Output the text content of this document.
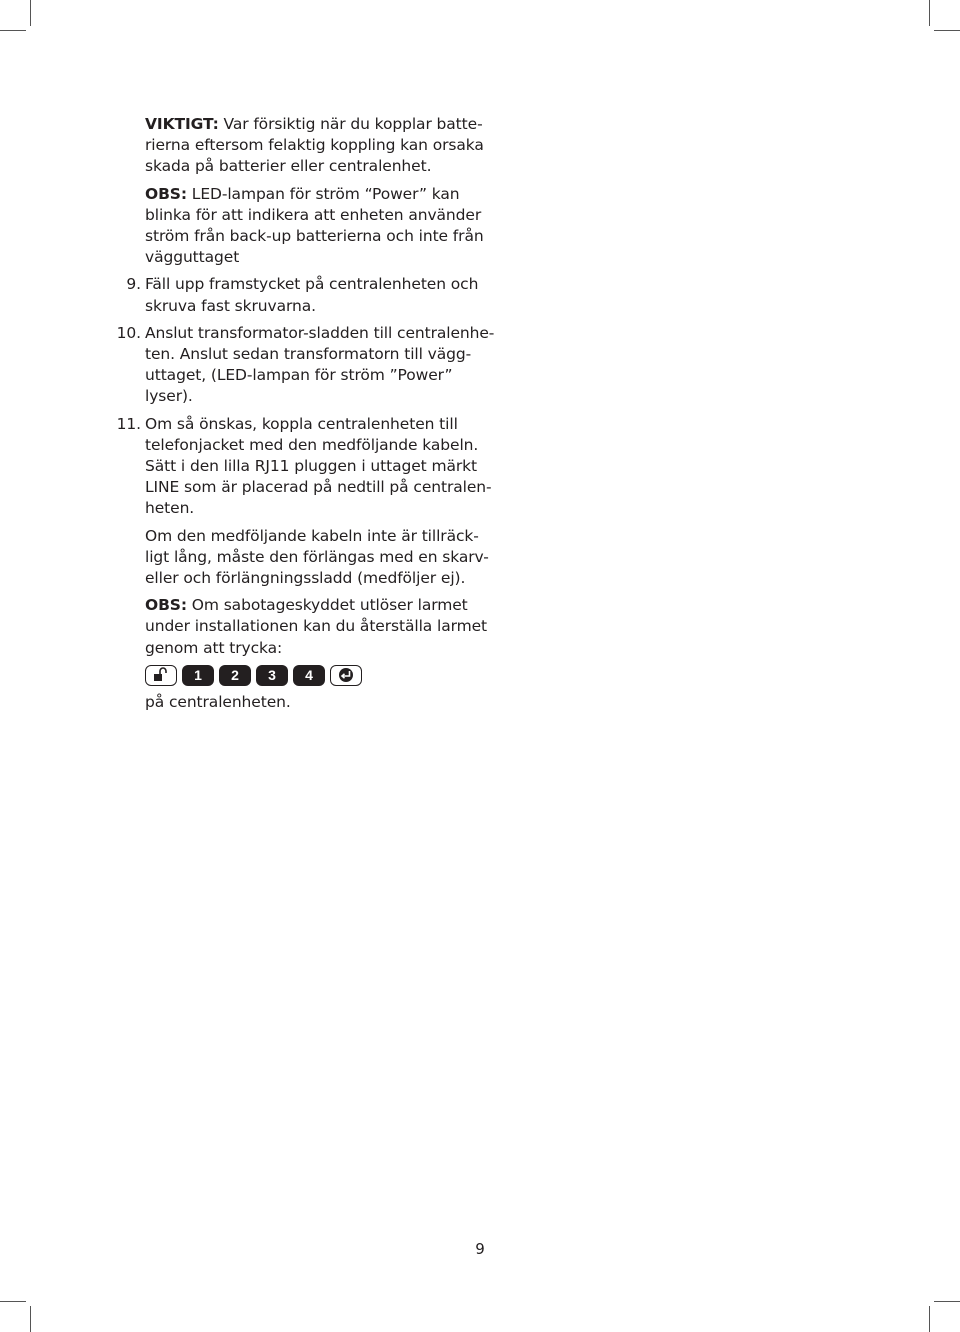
VIKTIGT: Var försiktig när du kopplar batte-
rierna eftersom felaktig koppling kan orsaka
skada på batterier eller centralenhet.
OBS: LED-lampan för ström “Power” kan
blinka för att indikera att enheten använder
ström från back-up batterierna och inte från
vägguttaget
9. Fäll upp framstycket på centralenheten och
skruva fast skruvarna.
10. Anslut transformator-sladden till centralenhe-
ten. Anslut sedan transformatorn till vägg-
uttaget, (LED-lampan för ström ”Power”
lyser).
11. Om så önskas, koppla centralenheten till
telefonjacket med den medföljande kabeln.
Sätt i den lilla RJ11 pluggen i uttaget märkt
LINE som är placerad på nedtill på centralen-
heten.
Om den medföljande kabeln inte är tillräck-
ligt lång, måste den förlängas med en skarv-
eller och förlängningssladd (medföljer ej).
OBS: Om sabotageskyddet utlöser larmet
under installationen kan du återställa larmet
genom att trycka:
1	2	3	4
på centralenheten.
9
